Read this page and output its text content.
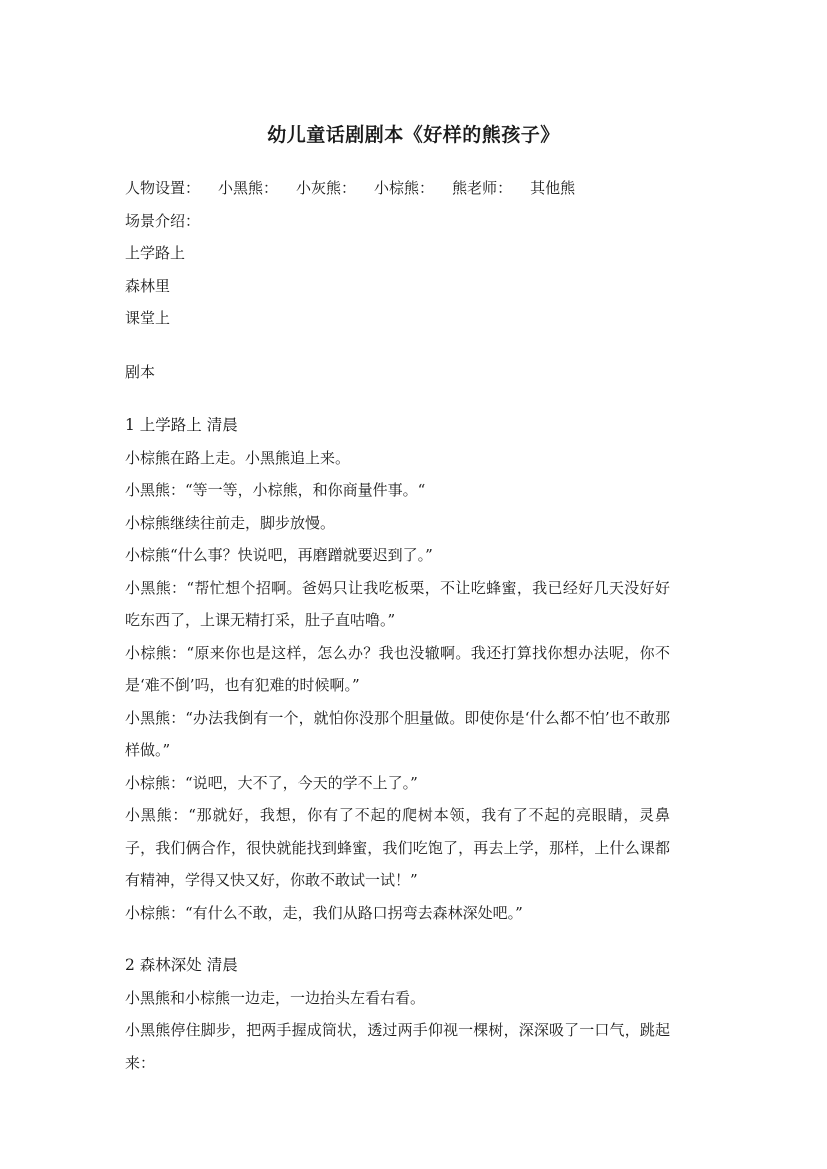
幼儿童话剧剧本《好样的熊孩子》

人物设置： 小黑熊： 小灰熊： 小棕熊： 熊老师： 其他熊

场景介绍：

上学路上

森林里

课堂上

剧本

1 上学路上 清晨

小棕熊在路上走。小黑熊追上来。

小黑熊：“等一等，小棕熊，和你商量件事。“

小棕熊继续往前走，脚步放慢。

小棕熊“什么事？快说吧，再磨蹭就要迟到了。”

小黑熊：“帮忙想个招啊。爸妈只让我吃板栗，不让吃蜂蜜，我已经好几天没好好吃东西了，上课无精打采，肚子直咕噜。”

小棕熊：“原来你也是这样，怎么办？我也没辙啊。我还打算找你想办法呢，你不是‘难不倒’吗，也有犯难的时候啊。”

小黑熊：“办法我倒有一个，就怕你没那个胆量做。即使你是‘什么都不怕’也不敢那样做。”

小棕熊：“说吧，大不了，今天的学不上了。”

小黑熊：“那就好，我想，你有了不起的爬树本领，我有了不起的亮眼睛，灵鼻子，我们俩合作，很快就能找到蜂蜜，我们吃饱了，再去上学，那样，上什么课都有精神，学得又快又好，你敢不敢试一试！”

小棕熊：“有什么不敢，走，我们从路口拐弯去森林深处吧。”

2 森林深处 清晨

小黑熊和小棕熊一边走，一边抬头左看右看。

小黑熊停住脚步，把两手握成筒状，透过两手仰视一棵树，深深吸了一口气，跳起来：
